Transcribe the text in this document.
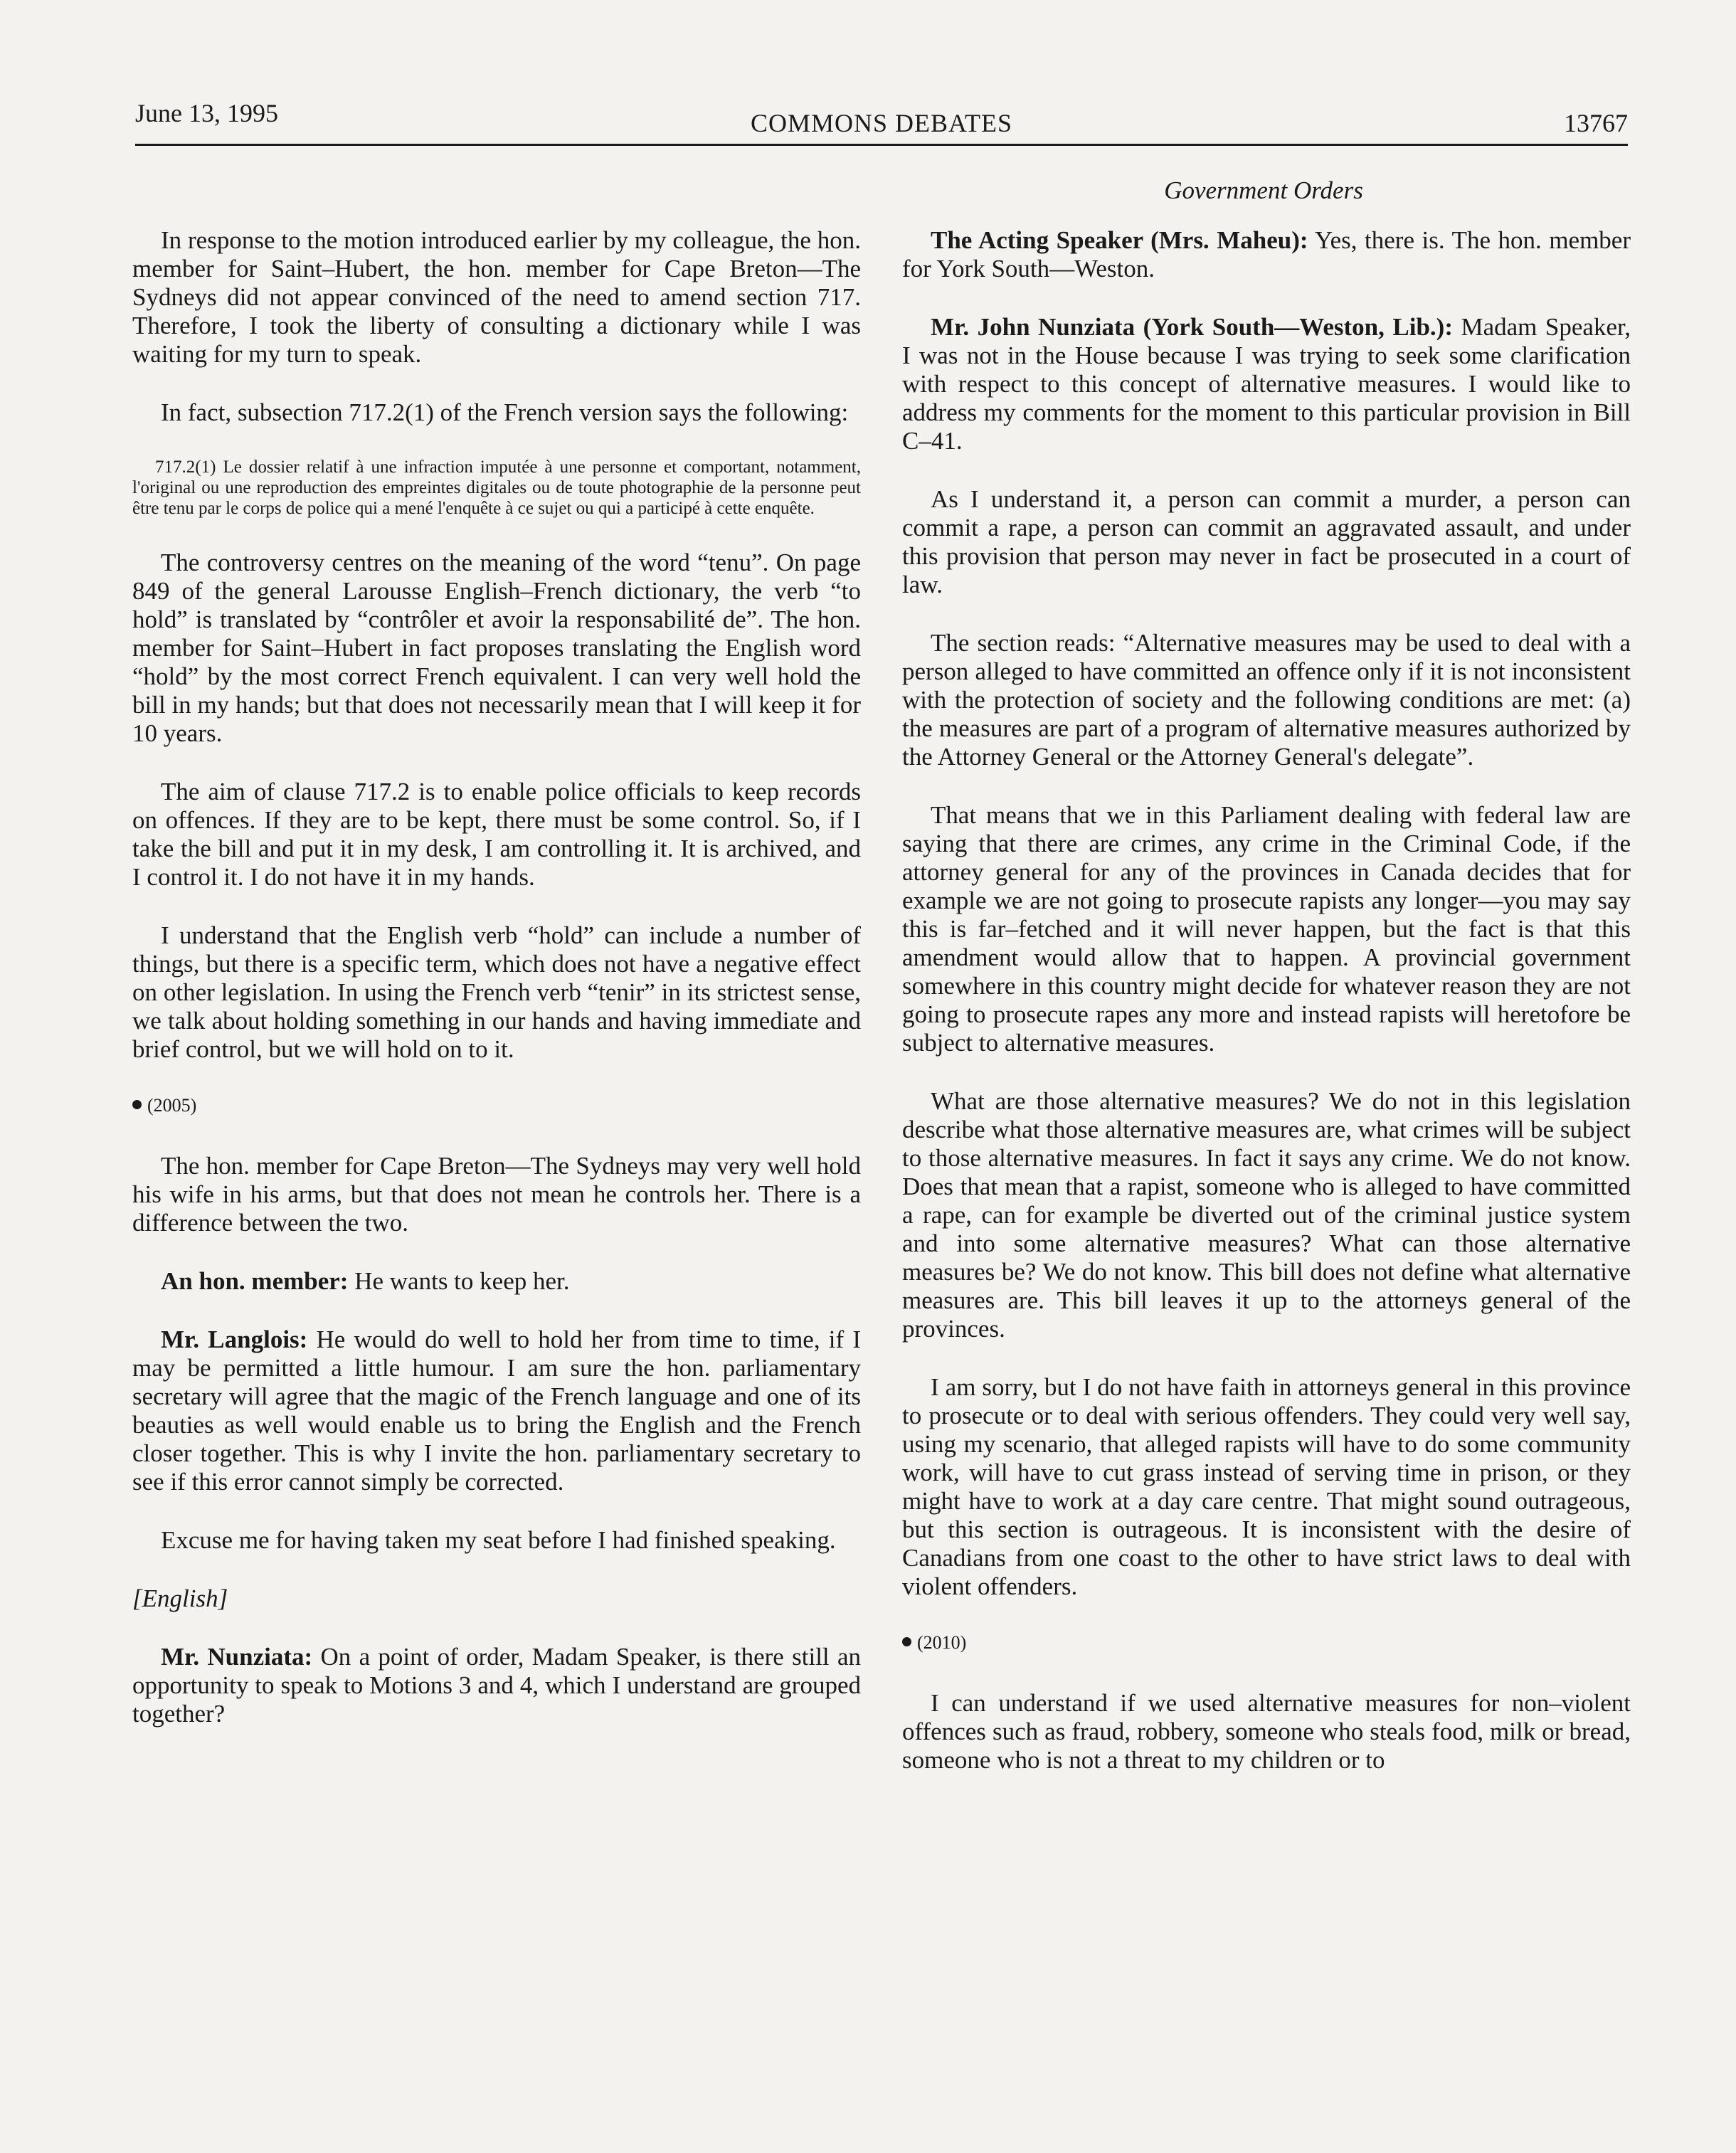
June 13, 1995	COMMONS DEBATES	13767
Government Orders

In response to the motion introduced earlier by my colleague, the hon. member for Saint–Hubert, the hon. member for Cape Breton—The Sydneys did not appear convinced of the need to amend section 717. Therefore, I took the liberty of consulting a dictionary while I was waiting for my turn to speak.

In fact, subsection 717.2(1) of the French version says the following:

717.2(1) Le dossier relatif à une infraction imputée à une personne et comportant, notamment, l'original ou une reproduction des empreintes digitales ou de toute photographie de la personne peut être tenu par le corps de police qui a mené l'enquête à ce sujet ou qui a participé à cette enquête.

The controversy centres on the meaning of the word “tenu”. On page 849 of the general Larousse English–French dictionary, the verb “to hold” is translated by “contrôler et avoir la responsabilité de”. The hon. member for Saint–Hubert in fact proposes translating the English word “hold” by the most correct French equivalent. I can very well hold the bill in my hands; but that does not necessarily mean that I will keep it for 10 years.

The aim of clause 717.2 is to enable police officials to keep records on offences. If they are to be kept, there must be some control. So, if I take the bill and put it in my desk, I am controlling it. It is archived, and I control it. I do not have it in my hands.

I understand that the English verb “hold” can include a number of things, but there is a specific term, which does not have a negative effect on other legislation. In using the French verb “tenir” in its strictest sense, we talk about holding something in our hands and having immediate and brief control, but we will hold on to it.

(2005)

The hon. member for Cape Breton—The Sydneys may very well hold his wife in his arms, but that does not mean he controls her. There is a difference between the two.

An hon. member: He wants to keep her.

Mr. Langlois: He would do well to hold her from time to time, if I may be permitted a little humour. I am sure the hon. parliamentary secretary will agree that the magic of the French language and one of its beauties as well would enable us to bring the English and the French closer together. This is why I invite the hon. parliamentary secretary to see if this error cannot simply be corrected.

Excuse me for having taken my seat before I had finished speaking.

[English]

Mr. Nunziata: On a point of order, Madam Speaker, is there still an opportunity to speak to Motions 3 and 4, which I understand are grouped together?

The Acting Speaker (Mrs. Maheu): Yes, there is. The hon. member for York South—Weston.

Mr. John Nunziata (York South—Weston, Lib.): Madam Speaker, I was not in the House because I was trying to seek some clarification with respect to this concept of alternative measures. I would like to address my comments for the moment to this particular provision in Bill C–41.

As I understand it, a person can commit a murder, a person can commit a rape, a person can commit an aggravated assault, and under this provision that person may never in fact be prosecuted in a court of law.

The section reads: “Alternative measures may be used to deal with a person alleged to have committed an offence only if it is not inconsistent with the protection of society and the following conditions are met: (a) the measures are part of a program of alternative measures authorized by the Attorney General or the Attorney General's delegate”.

That means that we in this Parliament dealing with federal law are saying that there are crimes, any crime in the Criminal Code, if the attorney general for any of the provinces in Canada decides that for example we are not going to prosecute rapists any longer—you may say this is far–fetched and it will never happen, but the fact is that this amendment would allow that to happen. A provincial government somewhere in this country might decide for whatever reason they are not going to prosecute rapes any more and instead rapists will heretofore be subject to alternative measures.

What are those alternative measures? We do not in this legislation describe what those alternative measures are, what crimes will be subject to those alternative measures. In fact it says any crime. We do not know. Does that mean that a rapist, someone who is alleged to have committed a rape, can for example be diverted out of the criminal justice system and into some alternative measures? What can those alternative measures be? We do not know. This bill does not define what alternative measures are. This bill leaves it up to the attorneys general of the provinces.

I am sorry, but I do not have faith in attorneys general in this province to prosecute or to deal with serious offenders. They could very well say, using my scenario, that alleged rapists will have to do some community work, will have to cut grass instead of serving time in prison, or they might have to work at a day care centre. That might sound outrageous, but this section is outrageous. It is inconsistent with the desire of Canadians from one coast to the other to have strict laws to deal with violent offenders.

(2010)

I can understand if we used alternative measures for non–violent offences such as fraud, robbery, someone who steals food, milk or bread, someone who is not a threat to my children or to
